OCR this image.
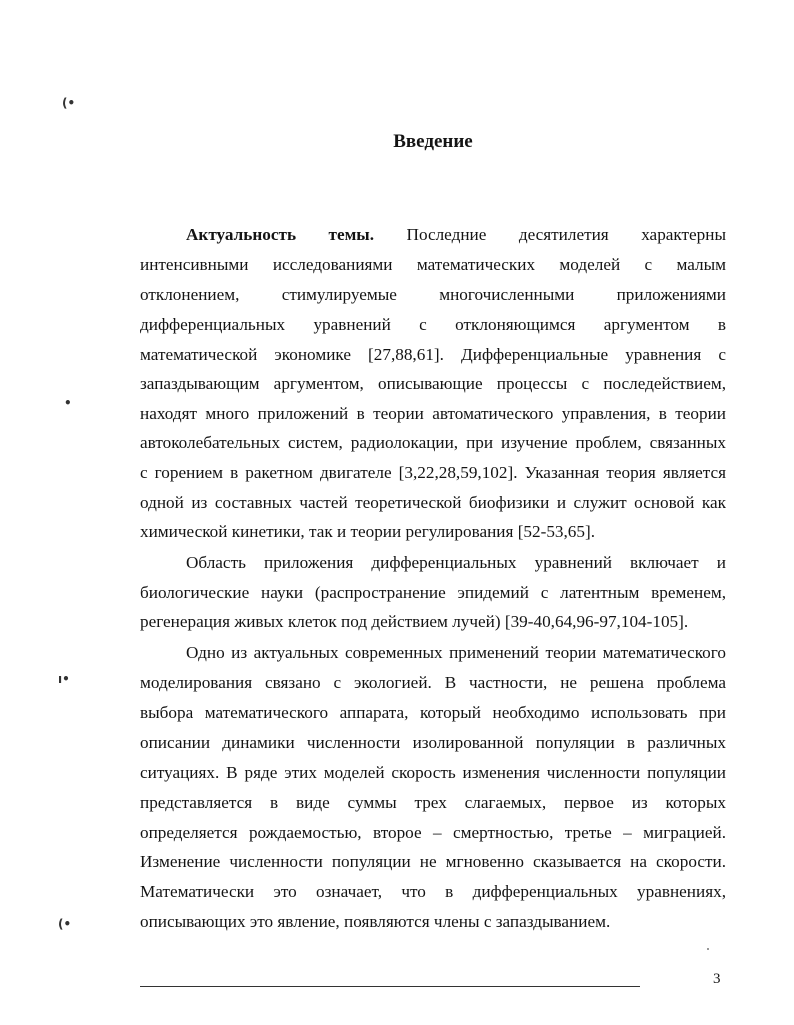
(•
•
ı•
(•
Введение
Актуальность темы. Последние десятилетия характерны
интенсивными исследованиями математических моделей с малым
отклонением, стимулируемые многочисленными приложениями
дифференциальных уравнений с отклоняющимся аргументом в
математической экономике [27,88,61]. Дифференциальные уравнения с
запаздывающим аргументом, описывающие процессы с последействием,
находят много приложений в теории автоматического управления, в теории
автоколебательных систем, радиолокации, при изучение проблем, связанных
с горением в ракетном двигателе [3,22,28,59,102]. Указанная теория является
одной из составных частей теоретической биофизики и служит основой как
химической кинетики, так и теории регулирования [52-53,65].
Область приложения дифференциальных уравнений включает и
биологические науки (распространение эпидемий с латентным временем,
регенерация живых клеток под действием лучей) [39-40,64,96-97,104-105].
Одно из актуальных современных применений теории математического
моделирования связано с экологией. В частности, не решена проблема
выбора математического аппарата, который необходимо использовать при
описании динамики численности изолированной популяции в различных
ситуациях. В ряде этих моделей скорость изменения численности популяции
представляется в виде суммы трех слагаемых, первое из которых
определяется рождаемостью, второе – смертностью, третье – миграцией.
Изменение численности популяции не мгновенно сказывается на скорости.
Математически это означает, что в дифференциальных уравнениях,
описывающих это явление, появляются члены с запаздыванием.
3
